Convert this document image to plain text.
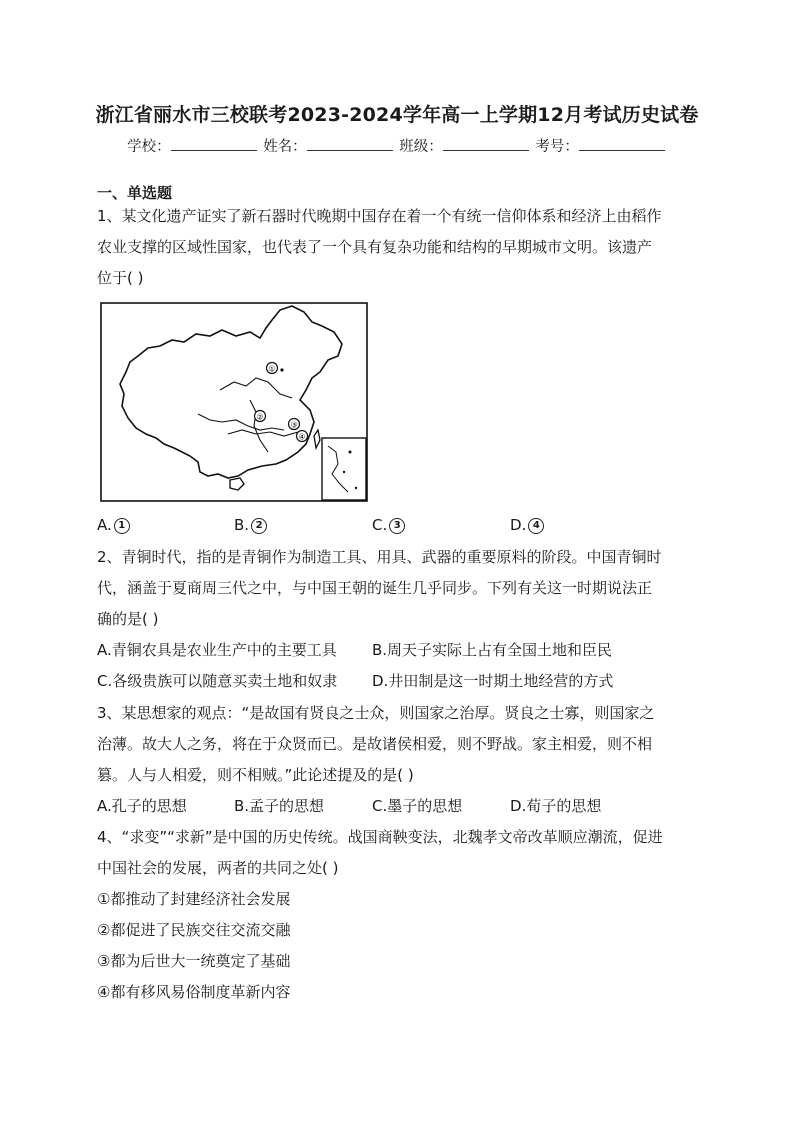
浙江省丽水市三校联考2023-2024学年高一上学期12月考试历史试卷
学校：	姓名：	班级：	考号：
一、单选题
1、某文化遗产证实了新石器时代晚期中国存在着一个有统一信仰体系和经济上由稻作
农业支撑的区域性国家，也代表了一个具有复杂功能和结构的早期城市文明。该遗产
位于( )
①
②
③
④
A. 1	B. 2	C. 3	D. 4
2、青铜时代，指的是青铜作为制造工具、用具、武器的重要原料的阶段。中国青铜时
代，涵盖于夏商周三代之中，与中国王朝的诞生几乎同步。下列有关这一时期说法正
确的是( )
A.青铜农具是农业生产中的主要工具 B.周天子实际上占有全国土地和臣民
C.各级贵族可以随意买卖土地和奴隶 D.井田制是这一时期土地经营的方式
3、某思想家的观点：“是故国有贤良之士众，则国家之治厚。贤良之士寡，则国家之
治薄。故大人之务，将在于众贤而已。是故诸侯相爱，则不野战。家主相爱，则不相
篡。人与人相爱，则不相贼。”此论述提及的是( )
A.孔子的思想	B.孟子的思想	C.墨子的思想	D.荀子的思想
4、“求变”“求新”是中国的历史传统。战国商鞅变法，北魏孝文帝改革顺应潮流，促进
中国社会的发展，两者的共同之处( )
①都推动了封建经济社会发展
②都促进了民族交往交流交融
③都为后世大一统奠定了基础
④都有移风易俗制度革新内容
